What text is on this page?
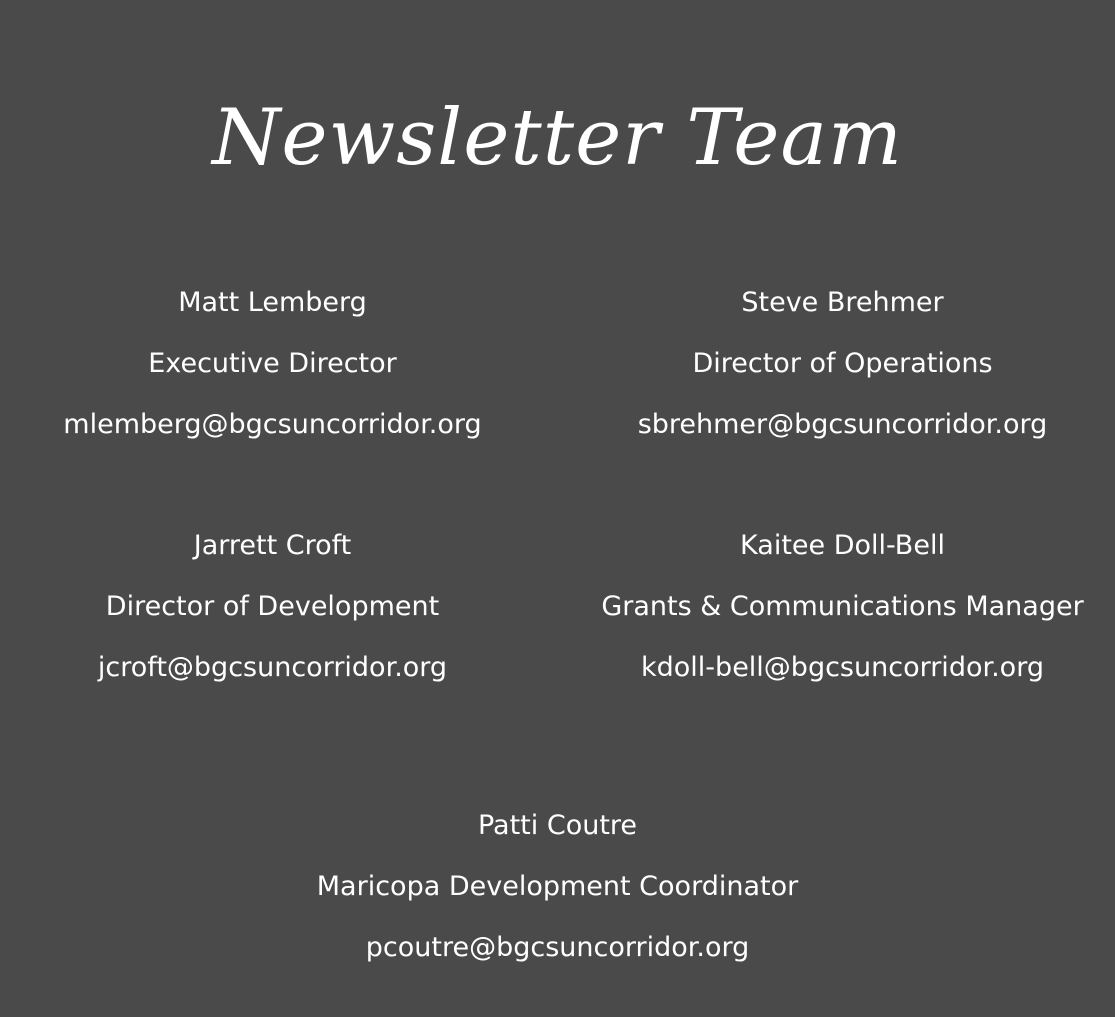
Newsletter Team
Matt Lemberg
Executive Director
mlemberg@bgcsuncorridor.org
Steve Brehmer
Director of Operations
sbrehmer@bgcsuncorridor.org
Jarrett Croft
Director of Development
jcroft@bgcsuncorridor.org
Kaitee Doll-Bell
Grants & Communications Manager
kdoll-bell@bgcsuncorridor.org
Patti Coutre
Maricopa Development Coordinator
pcoutre@bgcsuncorridor.org
